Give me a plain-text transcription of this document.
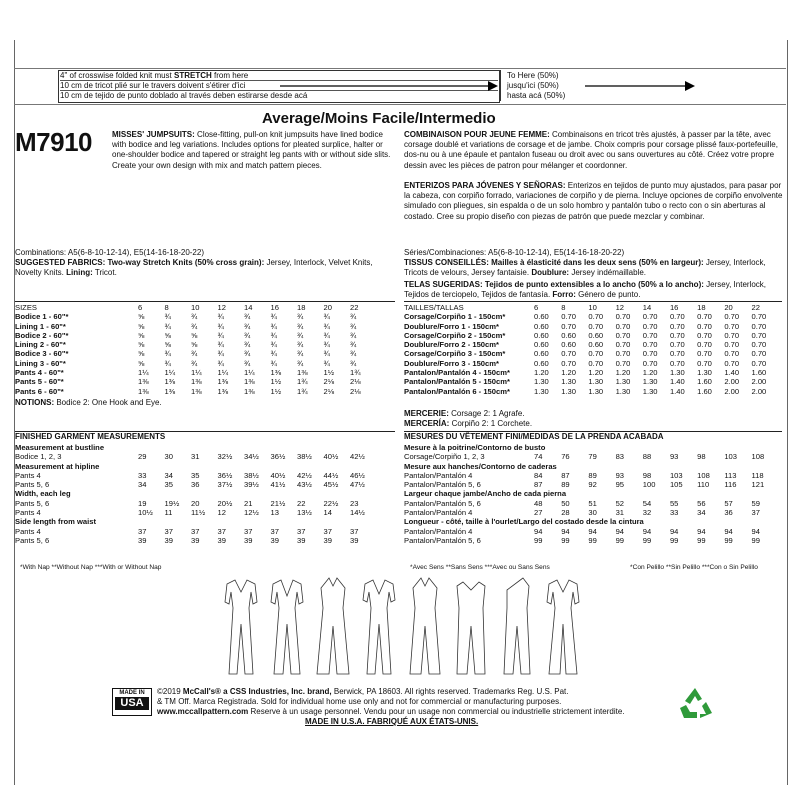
4" of crosswise folded knit must STRETCH from here
10 cm de tricot plié sur le travers doivent s'étirer d'ici
10 cm de tejido de punto doblado al través deben estirarse desde acá
To Here (50%)
jusqu'ici (50%)
hasta acá (50%)
Average/Moins Facile/Intermedio
M7910	MISSES' JUMPSUITS: Close-fitting, pull-on knit jumpsuits have lined bodice with bodice and leg variations. Includes options for pleated surplice, halter or one-shoulder bodice and tapered or straight leg pants with or without side slits. Create your own design with mix and match pattern pieces.
COMBINAISON POUR JEUNE FEMME: Combinaisons en tricot très ajustés, à passer par la tête, avec corsage doublé et variations de corsage et de jambe. Choix compris pour corsage plissé faux-portefeuille, dos-nu ou à une épaule et pantalon fuseau ou droit avec ou sans ouvertures au côté. Créez votre propre dessin avec les pièces de patron pour mélanger et coordonner.
ENTERIZOS PARA JÓVENES Y SEÑORAS: Enterizos en tejidos de punto muy ajustados, para pasar por la cabeza, con corpiño forrado, variaciones de corpiño y de pierna. Incluye opciones de corpiño envolvente simulado con pliegues, sin espalda o de un solo hombro y pantalón tubo o recto con o sin aberturas al costado. Cree su propio diseño con piezas de patrón que puede mezclar y combinar.
Combinations: A5(6-8-10-12-14), E5(14-16-18-20-22)
SUGGESTED FABRICS: Two-way Stretch Knits (50% cross grain): Jersey, Interlock, Velvet Knits, Novelty Knits. Lining: Tricot.
Séries/Combinaciones: A5(6-8-10-12-14), E5(14-16-18-20-22)
TISSUS CONSEILLÉS: Mailles à élasticité dans les deux sens (50% en largeur): Jersey, Interlock, Tricots de velours, Jersey fantaisie. Doublure: Jersey indémaillable.
TELAS SUGERIDAS: Tejidos de punto extensibles a lo ancho (50% a lo ancho): Jersey, Interlock, Tejidos de terciopelo, Tejidos de fantasía. Forro: Género de punto.
SIZES	6	8	10	12	14	16	18	20	22
Bodice 1 - 60"*	⅝	¾	¾	¾	¾	¾	¾	¾	¾
Lining 1 - 60"*	⅝	¾	¾	¾	¾	¾	¾	¾	¾
Bodice 2 - 60"*	⅝	⅝	⅝	¾	¾	¾	¾	¾	¾
Lining 2 - 60"*	⅝	⅝	⅝	¾	¾	¾	¾	¾	¾
Bodice 3 - 60"*	⅝	¾	¾	¾	¾	¾	¾	¾	¾
Lining 3 - 60"*	⅝	¾	¾	¾	¾	¾	¾	¾	¾
Pants 4 - 60"*	1¼	1¼	1¼	1¼	1¼	1⅜	1⅜	1½	1¾
Pants 5 - 60"*	1⅜	1⅜	1⅜	1⅜	1⅜	1½	1¾	2⅛	2⅛
Pants 6 - 60"*	1⅜	1⅜	1⅜	1⅜	1⅜	1½	1¾	2⅛	2⅛
NOTIONS: Bodice 2: One Hook and Eye.
TAILLES/TALLAS	6	8	10	12	14	16	18	20	22
Corsage/Corpiño 1 - 150cm*	0.60	0.70	0.70	0.70	0.70	0.70	0.70	0.70	0.70
Doublure/Forro 1 - 150cm*	0.60	0.70	0.70	0.70	0.70	0.70	0.70	0.70	0.70
Corsage/Corpiño 2 - 150cm*	0.60	0.60	0.60	0.70	0.70	0.70	0.70	0.70	0.70
Doublure/Forro 2 - 150cm*	0.60	0.60	0.60	0.70	0.70	0.70	0.70	0.70	0.70
Corsage/Corpiño 3 - 150cm*	0.60	0.70	0.70	0.70	0.70	0.70	0.70	0.70	0.70
Doublure/Forro 3 - 150cm*	0.60	0.70	0.70	0.70	0.70	0.70	0.70	0.70	0.70
Pantalon/Pantalón 4 - 150cm*	1.20	1.20	1.20	1.20	1.20	1.30	1.30	1.40	1.60
Pantalon/Pantalón 5 - 150cm*	1.30	1.30	1.30	1.30	1.30	1.40	1.60	2.00	2.00
Pantalon/Pantalón 6 - 150cm*	1.30	1.30	1.30	1.30	1.30	1.40	1.60	2.00	2.00
MERCERIE: Corsage 2: 1 Agrafe.
MERCERÍA: Corpiño 2: 1 Corchete.
FINISHED GARMENT MEASUREMENTS
Measurement at bustline									
Bodice 1, 2, 3	29	30	31	32½	34½	36½	38½	40½	42½
Measurement at hipline									
Pants 4	33	34	35	36½	38½	40½	42½	44½	46½
Pants 5, 6	34	35	36	37½	39½	41½	43½	45½	47½
Width, each leg									
Pants 5, 6	19	19½	20	20½	21	21½	22	22½	23
Pants 4	10½	11	11½	12	12½	13	13½	14	14½
Side length from waist									
Pants 4	37	37	37	37	37	37	37	37	37
Pants 5, 6	39	39	39	39	39	39	39	39	39
*With Nap **Without Nap ***With or Without Nap
MESURES DU VÊTEMENT FINI/MEDIDAS DE LA PRENDA ACABADA
Mesure à la poitrine/Contorno de busto									
Corsage/Corpiño 1, 2, 3	74	76	79	83	88	93	98	103	108
Mesure aux hanches/Contorno de caderas									
Pantalon/Pantalón 4	84	87	89	93	98	103	108	113	118
Pantalon/Pantalón 5, 6	87	89	92	95	100	105	110	116	121
Largeur chaque jambe/Ancho de cada pierna									
Pantalon/Pantalón 5, 6	48	50	51	52	54	55	56	57	59
Pantalon/Pantalón 4	27	28	30	31	32	33	34	36	37
Longueur - côté, taille à l'ourlet/Largo del costado desde la cintura									
Pantalon/Pantalón 4	94	94	94	94	94	94	94	94	94
Pantalon/Pantalón 5, 6	99	99	99	99	99	99	99	99	99
*Avec Sens **Sans Sens ***Avec ou Sans Sens	*Con Pelillo **Sin Pelillo ***Con o Sin Pelillo
MADE IN
USA
©2019 McCall's® a CSS Industries, Inc. brand, Berwick, PA 18603. All rights reserved. Trademarks Reg. U.S. Pat.
& TM Off. Marca Registrada. Sold for individual home use only and not for commercial or manufacturing purposes.
www.mccallpattern.com Reserve à un usage personnel. Vendu pour un usage non commercial ou industrielle strictement interdite.
MADE IN U.S.A. FABRIQUÉ AUX ÉTATS-UNIS.
